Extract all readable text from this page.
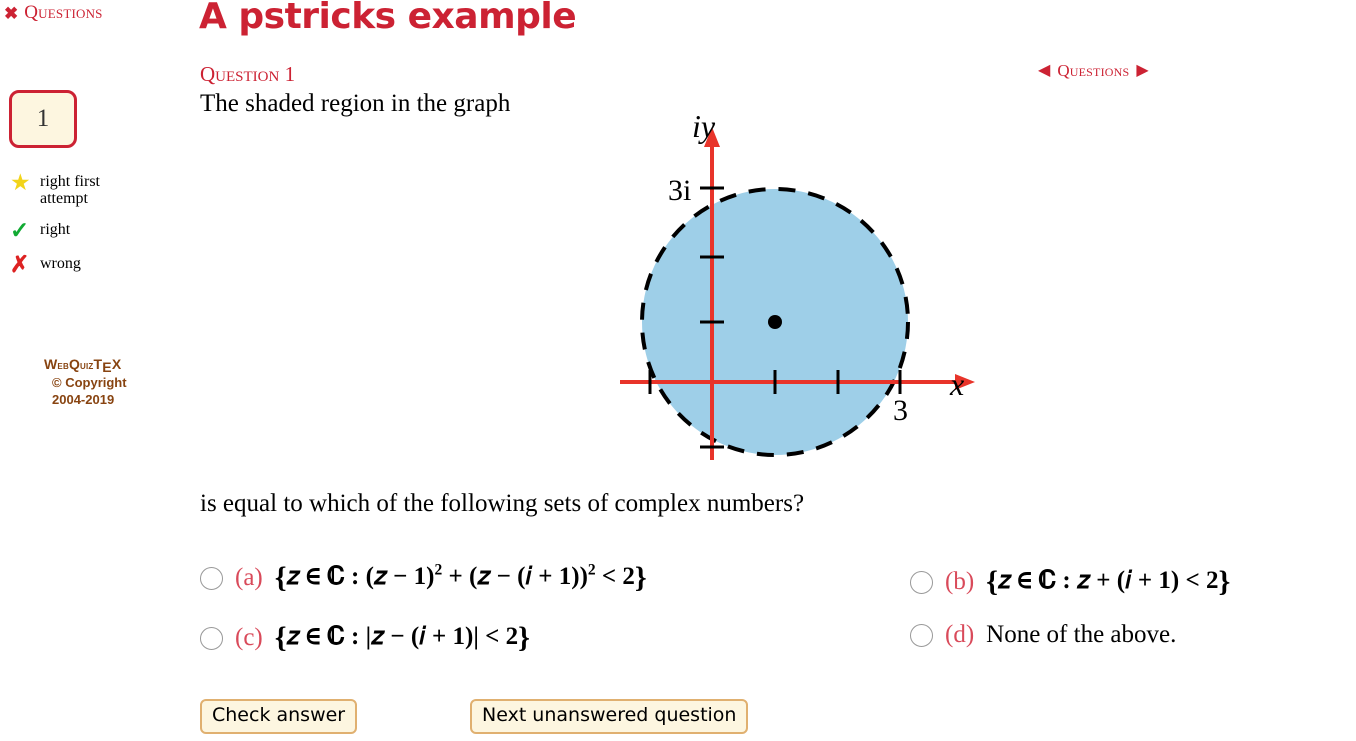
✖ Questions
1
★ right first attempt
✓ right
✗ wrong
WebQuizTEX
© Copyright
2004-2019
A pstricks example
Question 1	◀ Questions ▶
The shaded region in the graph
iy
x
3i
3
is equal to which of the following sets of complex numbers?
(a) {𝑧 ∈ ℂ : (𝑧 − 1)$^2$ + (𝑧 − (𝑖 + 1))$^2$ < 2}	(b) {𝑧 ∈ ℂ : 𝑧 + (𝑖 + 1) < 2}
(c) {𝑧 ∈ ℂ : |𝑧 − (𝑖 + 1)| < 2}	(d) None of the above.
Check answer	Next unanswered question
